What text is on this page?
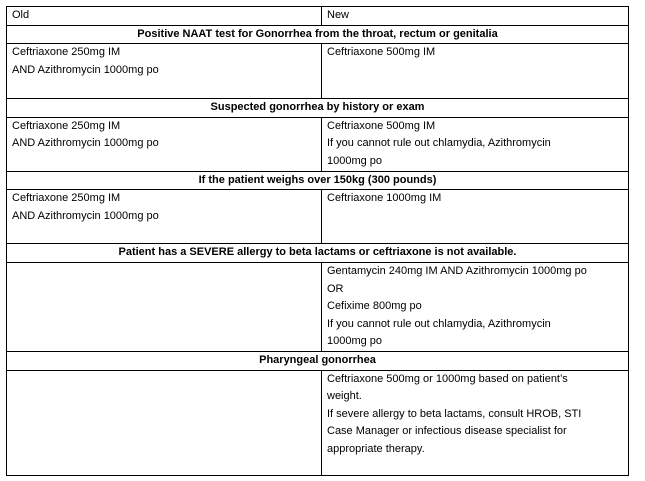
Old	New
Positive NAAT test for Gonorrhea from the throat, rectum or genitalia	

Ceftriaxone 250mg IM
AND Azithromycin 1000mg po	Ceftriaxone 500mg IM

Suspected gonorrhea by history or exam	

Ceftriaxone 250mg IM
AND Azithromycin 1000mg po	Ceftriaxone 500mg IM
If you cannot rule out chlamydia, Azithromycin
1000mg po

If the patient weighs over 150kg (300 pounds)	

Ceftriaxone 250mg IM
AND Azithromycin 1000mg po	Ceftriaxone 1000mg IM

Patient has a SEVERE allergy to beta lactams or ceftriaxone is not available.	

	Gentamycin 240mg IM AND Azithromycin 1000mg po
OR
Cefixime 800mg po
If you cannot rule out chlamydia, Azithromycin
1000mg po

Pharyngeal gonorrhea	

	Ceftriaxone 500mg or 1000mg based on patient’s
weight.
If severe allergy to beta lactams, consult HROB, STI
Case Manager or infectious disease specialist for
appropriate therapy.
